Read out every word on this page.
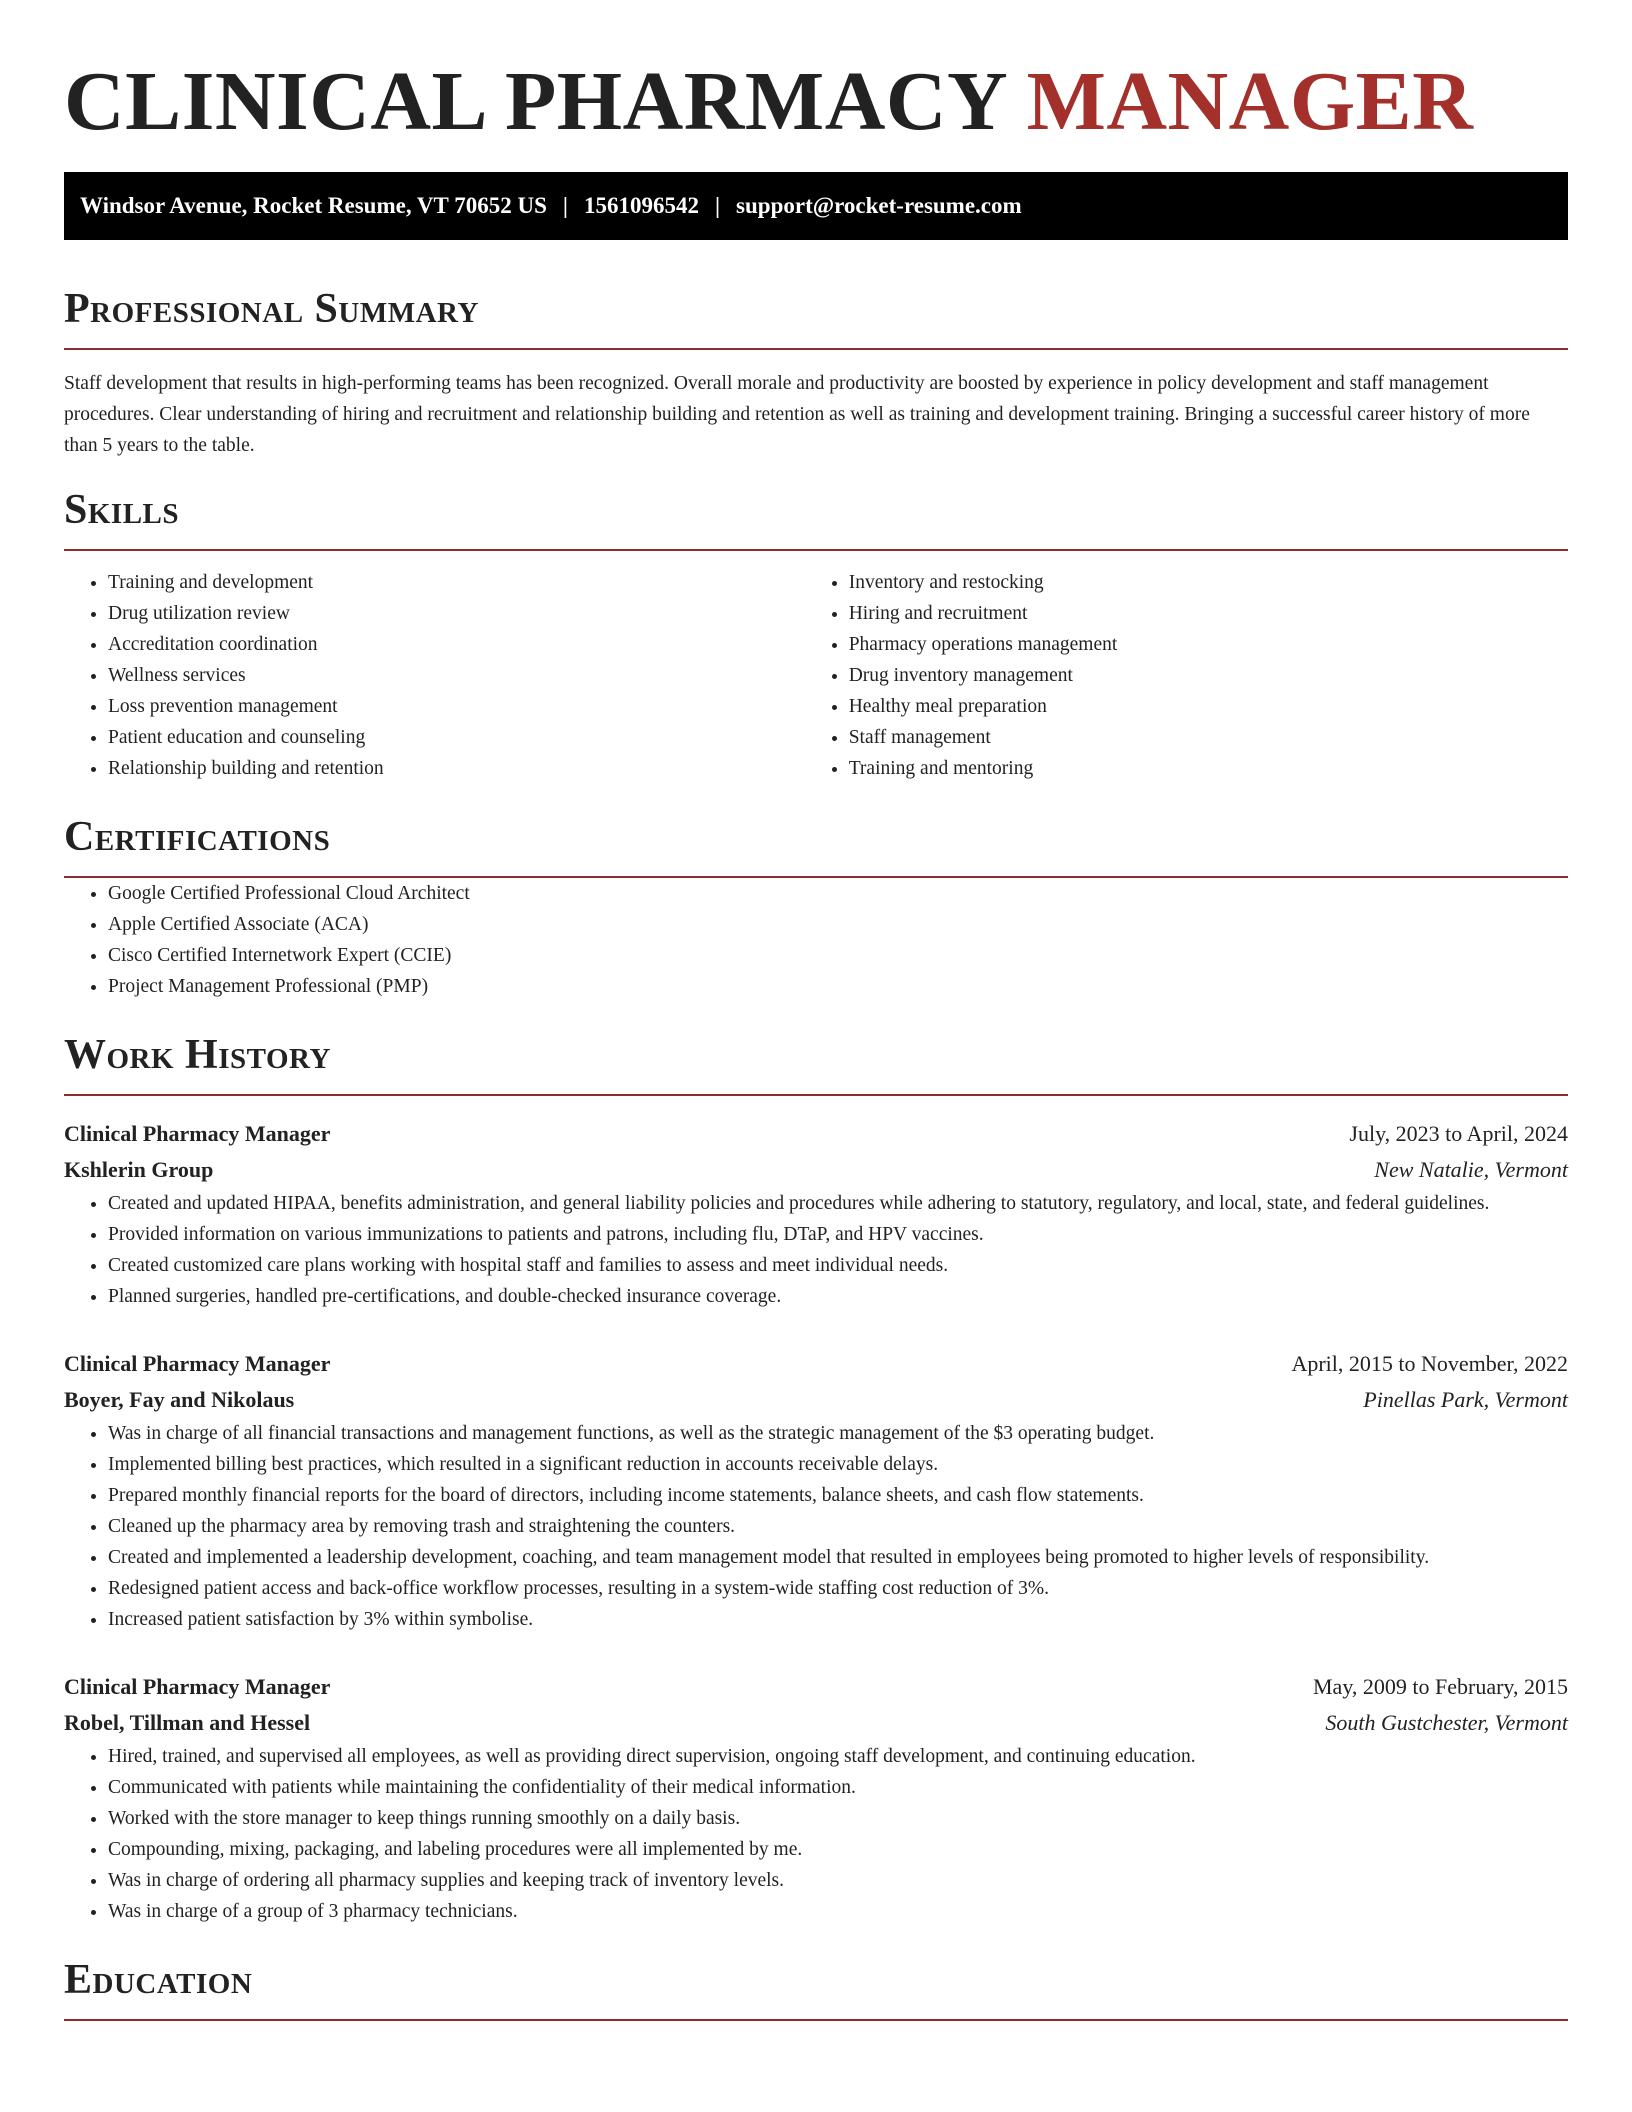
CLINICAL PHARMACY MANAGER
Windsor Avenue, Rocket Resume, VT 70652 US | 1561096542 | support@rocket-resume.com
Professional Summary

Staff development that results in high-performing teams has been recognized. Overall morale and productivity are boosted by experience in policy development and staff management procedures. Clear understanding of hiring and recruitment and relationship building and retention as well as training and development training. Bringing a successful career history of more than 5 years to the table.

Skills
• Training and development
• Drug utilization review
• Accreditation coordination
• Wellness services
• Loss prevention management
• Patient education and counseling
• Relationship building and retention
• Inventory and restocking
• Hiring and recruitment
• Pharmacy operations management
• Drug inventory management
• Healthy meal preparation
• Staff management
• Training and mentoring
Certifications
• Google Certified Professional Cloud Architect
• Apple Certified Associate (ACA)
• Cisco Certified Internetwork Expert (CCIE)
• Project Management Professional (PMP)
Work History
Clinical Pharmacy Manager	July, 2023 to April, 2024
Kshlerin Group	New Natalie, Vermont
• Created and updated HIPAA, benefits administration, and general liability policies and procedures while adhering to statutory, regulatory, and local, state, and federal guidelines.
• Provided information on various immunizations to patients and patrons, including flu, DTaP, and HPV vaccines.
• Created customized care plans working with hospital staff and families to assess and meet individual needs.
• Planned surgeries, handled pre-certifications, and double-checked insurance coverage.
Clinical Pharmacy Manager	April, 2015 to November, 2022
Boyer, Fay and Nikolaus	Pinellas Park, Vermont
• Was in charge of all financial transactions and management functions, as well as the strategic management of the $3 operating budget.
• Implemented billing best practices, which resulted in a significant reduction in accounts receivable delays.
• Prepared monthly financial reports for the board of directors, including income statements, balance sheets, and cash flow statements.
• Cleaned up the pharmacy area by removing trash and straightening the counters.
• Created and implemented a leadership development, coaching, and team management model that resulted in employees being promoted to higher levels of responsibility.
• Redesigned patient access and back-office workflow processes, resulting in a system-wide staffing cost reduction of 3%.
• Increased patient satisfaction by 3% within symbolise.
Clinical Pharmacy Manager	May, 2009 to February, 2015
Robel, Tillman and Hessel	South Gustchester, Vermont
• Hired, trained, and supervised all employees, as well as providing direct supervision, ongoing staff development, and continuing education.
• Communicated with patients while maintaining the confidentiality of their medical information.
• Worked with the store manager to keep things running smoothly on a daily basis.
• Compounding, mixing, packaging, and labeling procedures were all implemented by me.
• Was in charge of ordering all pharmacy supplies and keeping track of inventory levels.
• Was in charge of a group of 3 pharmacy technicians.
Education
